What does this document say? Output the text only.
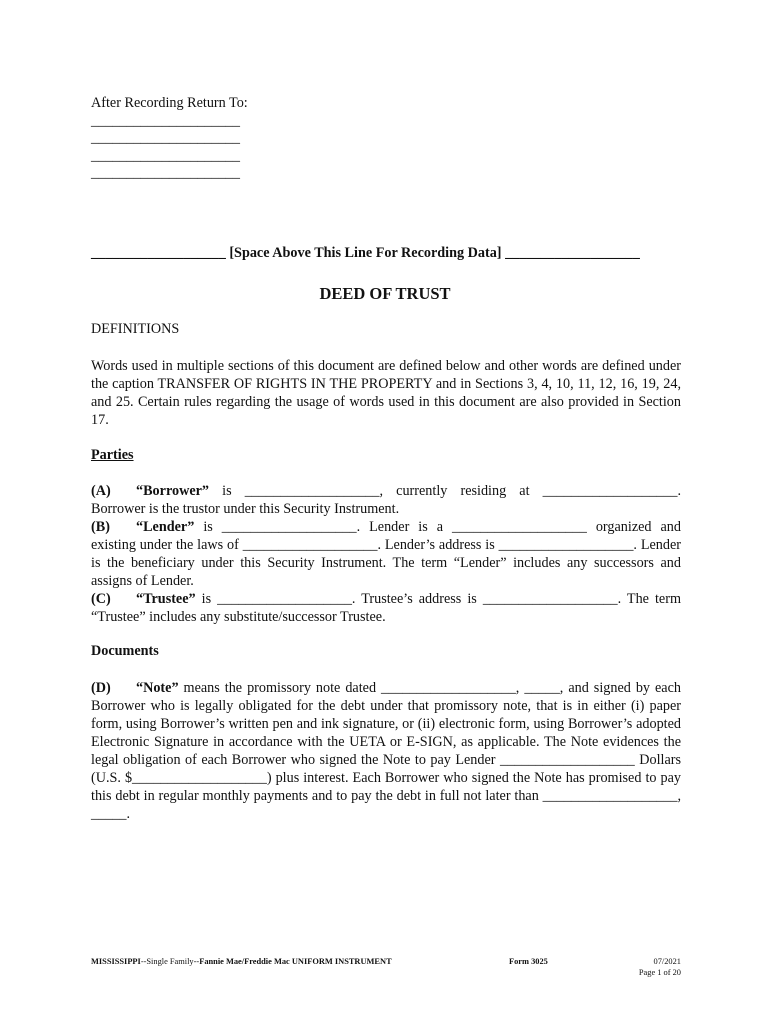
After Recording Return To:
_____________________
_____________________
_____________________
_____________________
___________________ [Space Above This Line For Recording Data] ___________________
DEED OF TRUST
DEFINITIONS

Words used in multiple sections of this document are defined below and other words are defined under the caption TRANSFER OF RIGHTS IN THE PROPERTY and in Sections 3, 4, 10, 11, 12, 16, 19, 24, and 25. Certain rules regarding the usage of words used in this document are also provided in Section 17.

Parties

(A) “Borrower” is ___________________, currently residing at ___________________. Borrower is the trustor under this Security Instrument.

(B) “Lender” is ___________________. Lender is a ___________________ organized and existing under the laws of ___________________. Lender’s address is ___________________. Lender is the beneficiary under this Security Instrument. The term “Lender” includes any successors and assigns of Lender.

(C) “Trustee” is ___________________. Trustee’s address is ___________________. The term “Trustee” includes any substitute/successor Trustee.

Documents

(D) “Note” means the promissory note dated ___________________, _____, and signed by each Borrower who is legally obligated for the debt under that promissory note, that is in either (i) paper form, using Borrower’s written pen and ink signature, or (ii) electronic form, using Borrower’s adopted Electronic Signature in accordance with the UETA or E-SIGN, as applicable. The Note evidences the legal obligation of each Borrower who signed the Note to pay Lender ___________________ Dollars (U.S. $___________________) plus interest. Each Borrower who signed the Note has promised to pay this debt in regular monthly payments and to pay the debt in full not later than ___________________, _____.

MISSISSIPPI--Single Family--Fannie Mae/Freddie Mac UNIFORM INSTRUMENT	Form 3025	07/2021
Page 1 of 20
